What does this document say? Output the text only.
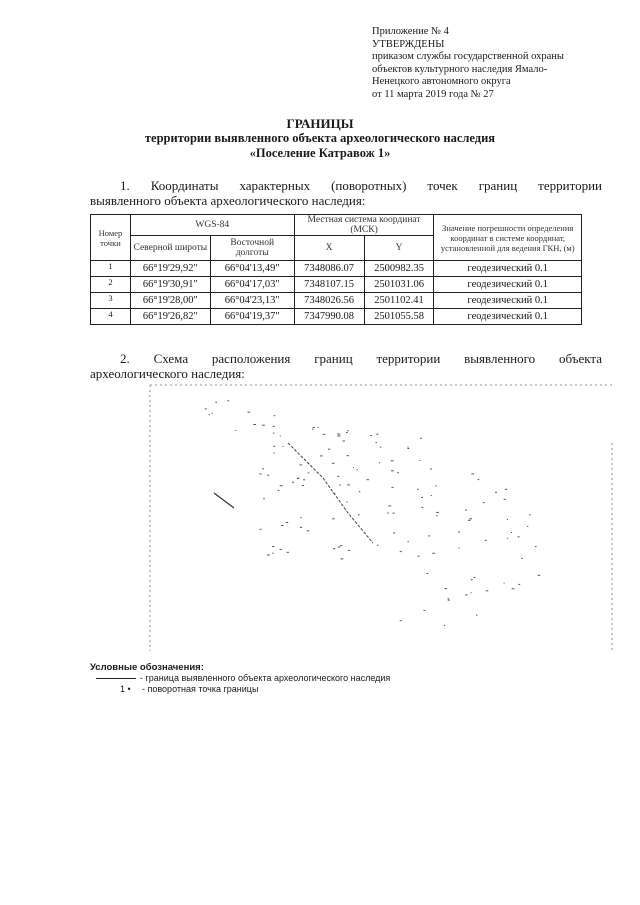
Приложение № 4
УТВЕРЖДЕНЫ
приказом службы государственной охраны
объектов культурного наследия Ямало-
Ненецкого автономного округа
от 11 марта 2019 года № 27
ГРАНИЦЫ
территории выявленного объекта археологического наследия
«Поселение Катравож 1»
1. Координаты характерных (поворотных) точек границ территории
выявленного объекта археологического наследия:
Номер точки	WGS-84		Местная система координат (МСК)		Значение погрешности определения координат в системе координат, установленной для ведения ГКН, (м)
	Северной широты	Восточной долготы	X	Y	
1	66°19'29,92"	66°04'13,49"	7348086.07	2500982.35	геодезический 0.1
2	66°19'30,91"	66°04'17,03"	7348107.15	2501031.06	геодезический 0.1
3	66°19'28,00"	66°04'23,13"	7348026.56	2501102.41	геодезический 0.1
4	66°19'26,82"	66°04'19,37"	7347990.08	2501055.58	геодезический 0.1
2. Схема расположения границ территории выявленного объекта
археологического наследия:
Условные обозначения:
- граница выявленного объекта археологического наследия
1 • - поворотная точка границы
